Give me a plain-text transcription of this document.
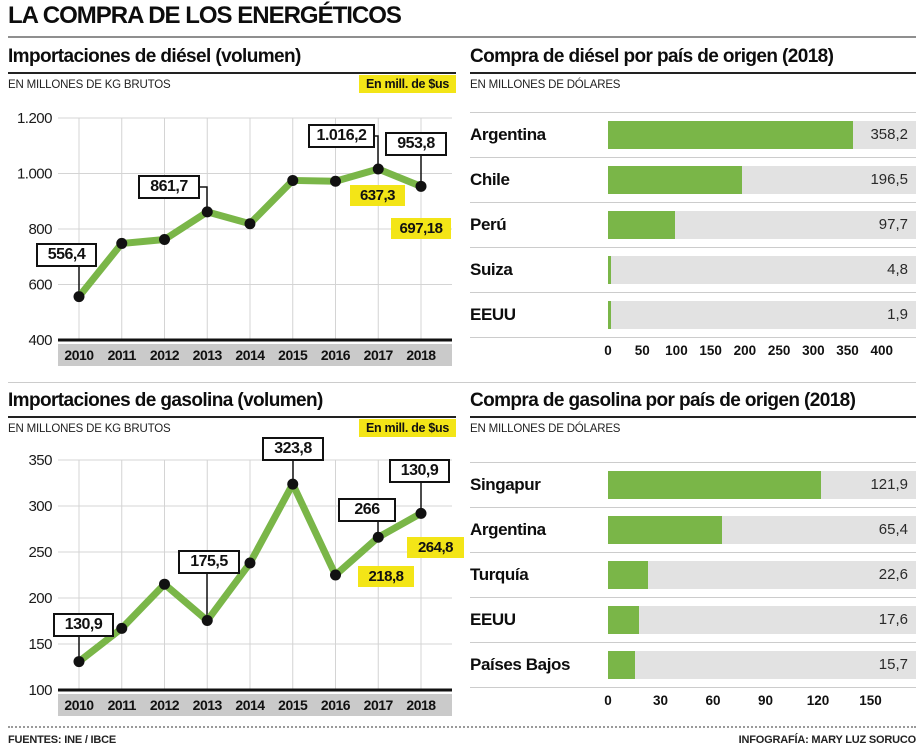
LA COMPRA DE LOS ENERGÉTICOS
Importaciones de diésel (volumen)
EN MILLONES DE KG BRUTOS	En mill. de $us
1.200
1.000
800
600
400
2010 2011 2012 2013 2014 2015 2016 2017 2018
556,4
861,7
1.016,2	953,8
637,3
697,18
Compra de diésel por país de origen (2018)
EN MILLONES DE DÓLARES
Argentina	358,2
Chile	196,5
Perú	97,7
Suiza	4,8
EEUU	1,9
0 50 100 150 200 250 300 350 400
Importaciones de gasolina (volumen)
EN MILLONES DE KG BRUTOS	En mill. de $us
350
300
250
200
150
100
2010 2011 2012 2013 2014 2015 2016 2017 2018
130,9
175,5
323,8
266
130,9
218,8
264,8
Compra de gasolina por país de origen (2018)
EN MILLONES DE DÓLARES
Singapur	121,9
Argentina	65,4
Turquía	22,6
EEUU	17,6
Países Bajos	15,7
0	30	60	90 120 150
FUENTES: INE / IBCE	INFOGRAFÍA: MARY LUZ SORUCO
